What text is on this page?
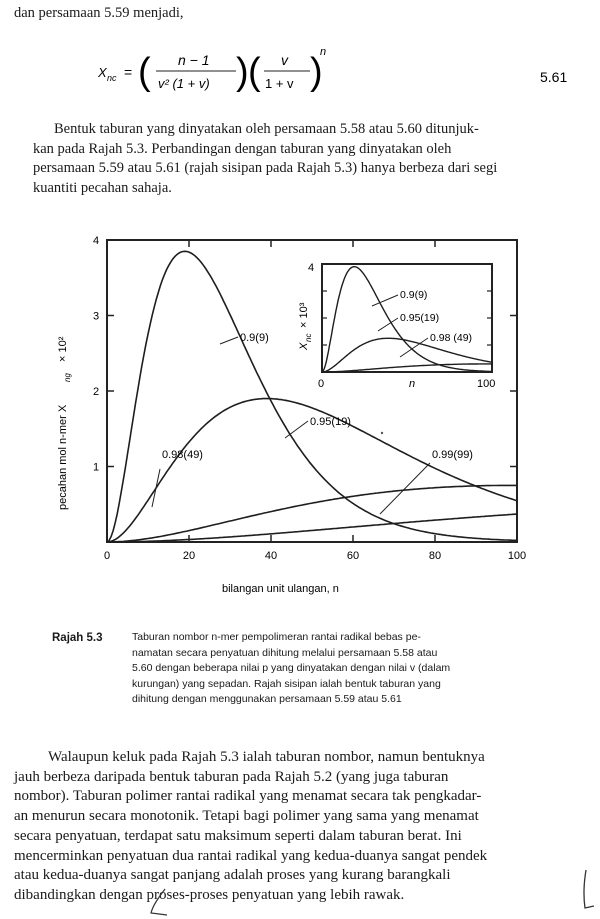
dan persamaan 5.59 menjadi,
X nc = ( n − 1
v² (1 + v) ) ( v
1 + v )
n
5.61
Bentuk taburan yang dinyatakan oleh persamaan 5.58 atau 5.60 ditunjuk-
kan pada Rajah 5.3. Perbandingan dengan taburan yang dinyatakan oleh
persamaan 5.59 atau 5.61 (rajah sisipan pada Rajah 5.3) hanya berbeza dari segi
kuantiti pecahan sahaja.
0	20	40	60	80	100
1
2
3
4
pecahan mol n-mer X
ng
× 10²
bilangan unit ulangan, n
0.9(9)
0.95(19)
0.98(49)	0.99(99)
4
0	100
n
X
nc
× 10³
0.9(9)
0.95(19)
0.98 (49)
Rajah 5.3	Taburan nombor n-mer pempolimeran rantai radikal bebas pe-
namatan secara penyatuan dihitung melalui persamaan 5.58 atau
5.60 dengan beberapa nilai p yang dinyatakan dengan nilai v (dalam
kurungan) yang sepadan. Rajah sisipan ialah bentuk taburan yang
dihitung dengan menggunakan persamaan 5.59 atau 5.61
Walaupun keluk pada Rajah 5.3 ialah taburan nombor, namun bentuknya
jauh berbeza daripada bentuk taburan pada Rajah 5.2 (yang juga taburan
nombor). Taburan polimer rantai radikal yang menamat secara tak pengkadar-
an menurun secara monotonik. Tetapi bagi polimer yang sama yang menamat
secara penyatuan, terdapat satu maksimum seperti dalam taburan berat. Ini
mencerminkan penyatuan dua rantai radikal yang kedua-duanya sangat pendek
atau kedua-duanya sangat panjang adalah proses yang kurang barangkali
dibandingkan dengan proses-proses penyatuan yang lebih rawak.
